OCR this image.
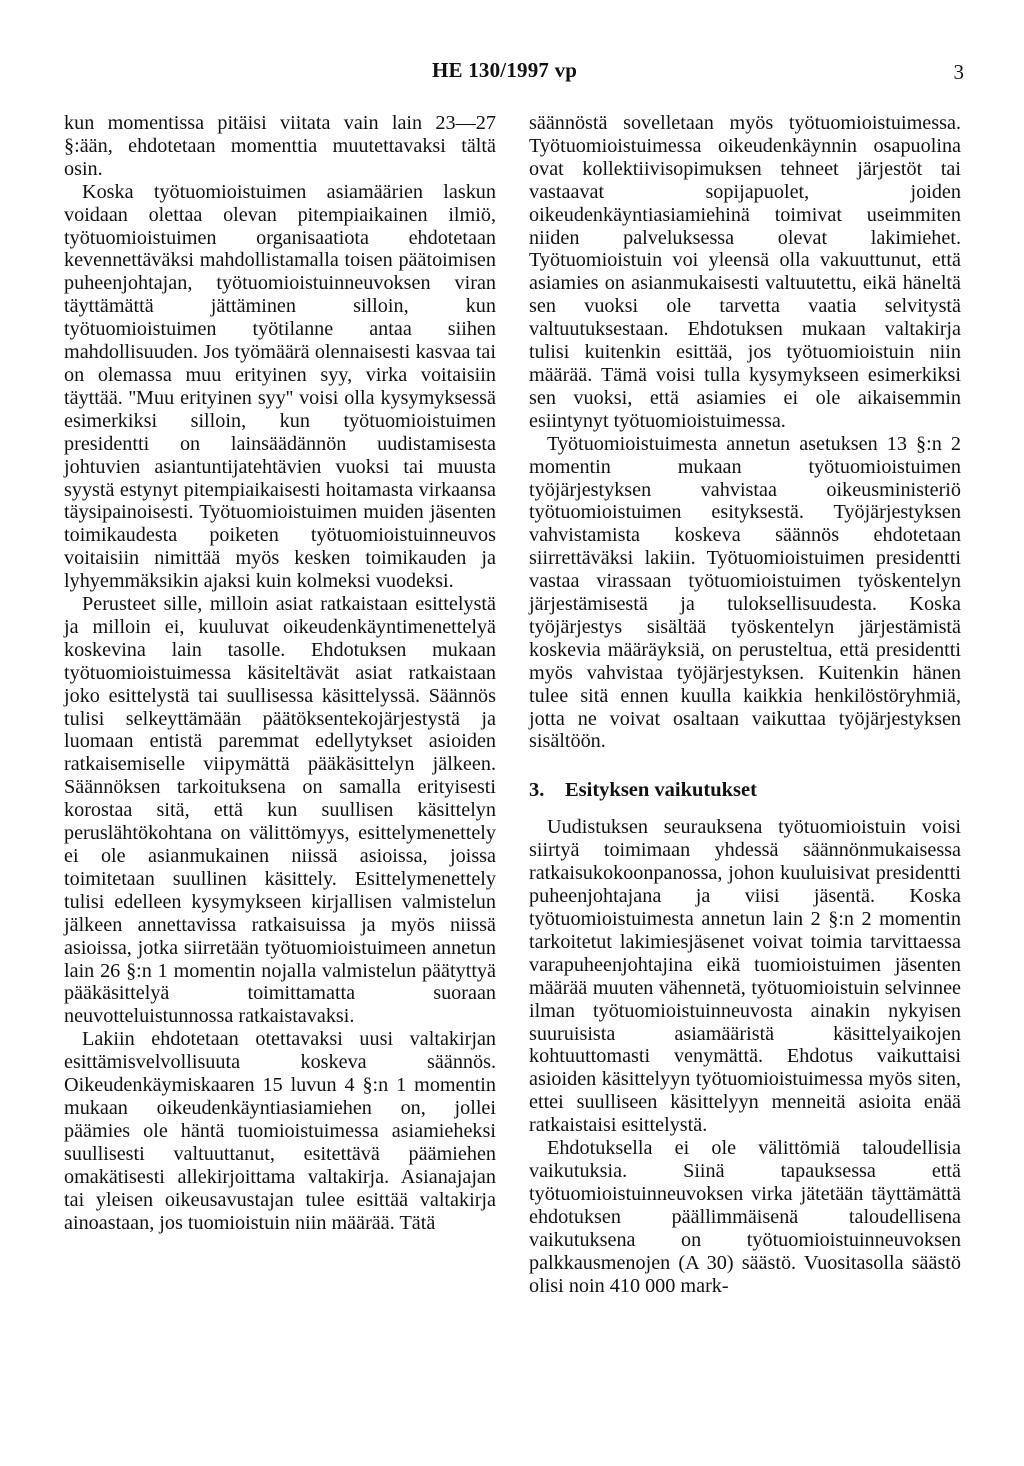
HE 130/1997 vp	3

kun momentissa pitäisi viitata vain lain 23—27 §:ään, ehdotetaan momenttia muutettavaksi tältä osin.

Koska työtuomioistuimen asiamäärien laskun voidaan olettaa olevan pitempiaikainen ilmiö, työtuomioistuimen organisaatiota ehdotetaan kevennettäväksi mahdollistamalla toisen päätoimisen puheenjohtajan, työtuomioistuinneuvoksen viran täyttämättä jättäminen silloin, kun työtuomioistuimen työtilanne antaa siihen mahdollisuuden. Jos työmäärä olennaisesti kasvaa tai on olemassa muu erityinen syy, virka voitaisiin täyttää. ''Muu erityinen syy'' voisi olla kysymyksessä esimerkiksi silloin, kun työtuomioistuimen presidentti on lainsäädännön uudistamisesta johtuvien asiantuntijatehtävien vuoksi tai muusta syystä estynyt pitempiaikaisesti hoitamasta virkaansa täysipainoisesti. Työtuomioistuimen muiden jäsenten toimikaudesta poiketen työtuomioistuinneuvos voitaisiin nimittää myös kesken toimikauden ja lyhyemmäksikin ajaksi kuin kolmeksi vuodeksi.

Perusteet sille, milloin asiat ratkaistaan esittelystä ja milloin ei, kuuluvat oikeudenkäyntimenettelyä koskevina lain tasolle. Ehdotuksen mukaan työtuomioistuimessa käsiteltävät asiat ratkaistaan joko esittelystä tai suullisessa käsittelyssä. Säännös tulisi selkeyttämään päätöksentekojärjestystä ja luomaan entistä paremmat edellytykset asioiden ratkaisemiselle viipymättä pääkäsittelyn jälkeen. Säännöksen tarkoituksena on samalla erityisesti korostaa sitä, että kun suullisen käsittelyn peruslähtökohtana on välittömyys, esittelymenettely ei ole asianmukainen niissä asioissa, joissa toimitetaan suullinen käsittely. Esittelymenettely tulisi edelleen kysymykseen kirjallisen valmistelun jälkeen annettavissa ratkaisuissa ja myös niissä asioissa, jotka siirretään työtuomioistuimeen annetun lain 26 §:n 1 momentin nojalla valmistelun päätyttyä pääkäsittelyä toimittamatta suoraan neuvotteluistunnossa ratkaistavaksi.

Lakiin ehdotetaan otettavaksi uusi valtakirjan esittämisvelvollisuuta koskeva säännös. Oikeudenkäymiskaaren 15 luvun 4 §:n 1 momentin mukaan oikeudenkäyntiasiamiehen on, jollei päämies ole häntä tuomioistuimessa asiamieheksi suullisesti valtuuttanut, esitettävä päämiehen omakätisesti allekirjoittama valtakirja. Asianajajan tai yleisen oikeusavustajan tulee esittää valtakirja ainoastaan, jos tuomioistuin niin määrää. Tätä

säännöstä sovelletaan myös työtuomioistuimessa. Työtuomioistuimessa oikeudenkäynnin osapuolina ovat kollektiivisopimuksen tehneet järjestöt tai vastaavat sopijapuolet, joiden oikeudenkäyntiasiamiehinä toimivat useimmiten niiden palveluksessa olevat lakimiehet. Työtuomioistuin voi yleensä olla vakuuttunut, että asiamies on asianmukaisesti valtuutettu, eikä häneltä sen vuoksi ole tarvetta vaatia selvitystä valtuutuksestaan. Ehdotuksen mukaan valtakirja tulisi kuitenkin esittää, jos työtuomioistuin niin määrää. Tämä voisi tulla kysymykseen esimerkiksi sen vuoksi, että asiamies ei ole aikaisemmin esiintynyt työtuomioistuimessa.

Työtuomioistuimesta annetun asetuksen 13 §:n 2 momentin mukaan työtuomioistuimen työjärjestyksen vahvistaa oikeusministeriö työtuomioistuimen esityksestä. Työjärjestyksen vahvistamista koskeva säännös ehdotetaan siirrettäväksi lakiin. Työtuomioistuimen presidentti vastaa virassaan työtuomioistuimen työskentelyn järjestämisestä ja tuloksellisuudesta. Koska työjärjestys sisältää työskentelyn järjestämistä koskevia määräyksiä, on perusteltua, että presidentti myös vahvistaa työjärjestyksen. Kuitenkin hänen tulee sitä ennen kuulla kaikkia henkilöstöryhmiä, jotta ne voivat osaltaan vaikuttaa työjärjestyksen sisältöön.

3. Esityksen vaikutukset

Uudistuksen seurauksena työtuomioistuin voisi siirtyä toimimaan yhdessä säännönmukaisessa ratkaisukokoonpanossa, johon kuuluisivat presidentti puheenjohtajana ja viisi jäsentä. Koska työtuomioistuimesta annetun lain 2 §:n 2 momentin tarkoitetut lakimiesjäsenet voivat toimia tarvittaessa varapuheenjohtajina eikä tuomioistuimen jäsenten määrää muuten vähennetä, työtuomioistuin selvinnee ilman työtuomioistuinneuvosta ainakin nykyisen suuruisista asiamääristä käsittelyaikojen kohtuuttomasti venymättä. Ehdotus vaikuttaisi asioiden käsittelyyn työtuomioistuimessa myös siten, ettei suulliseen käsittelyyn menneitä asioita enää ratkaistaisi esittelystä.

Ehdotuksella ei ole välittömiä taloudellisia vaikutuksia. Siinä tapauksessa että työtuomioistuinneuvoksen virka jätetään täyttämättä ehdotuksen päällimmäisenä taloudellisena vaikutuksena on työtuomioistuinneuvoksen palkkausmenojen (A 30) säästö. Vuositasolla säästö olisi noin 410 000 mark-
